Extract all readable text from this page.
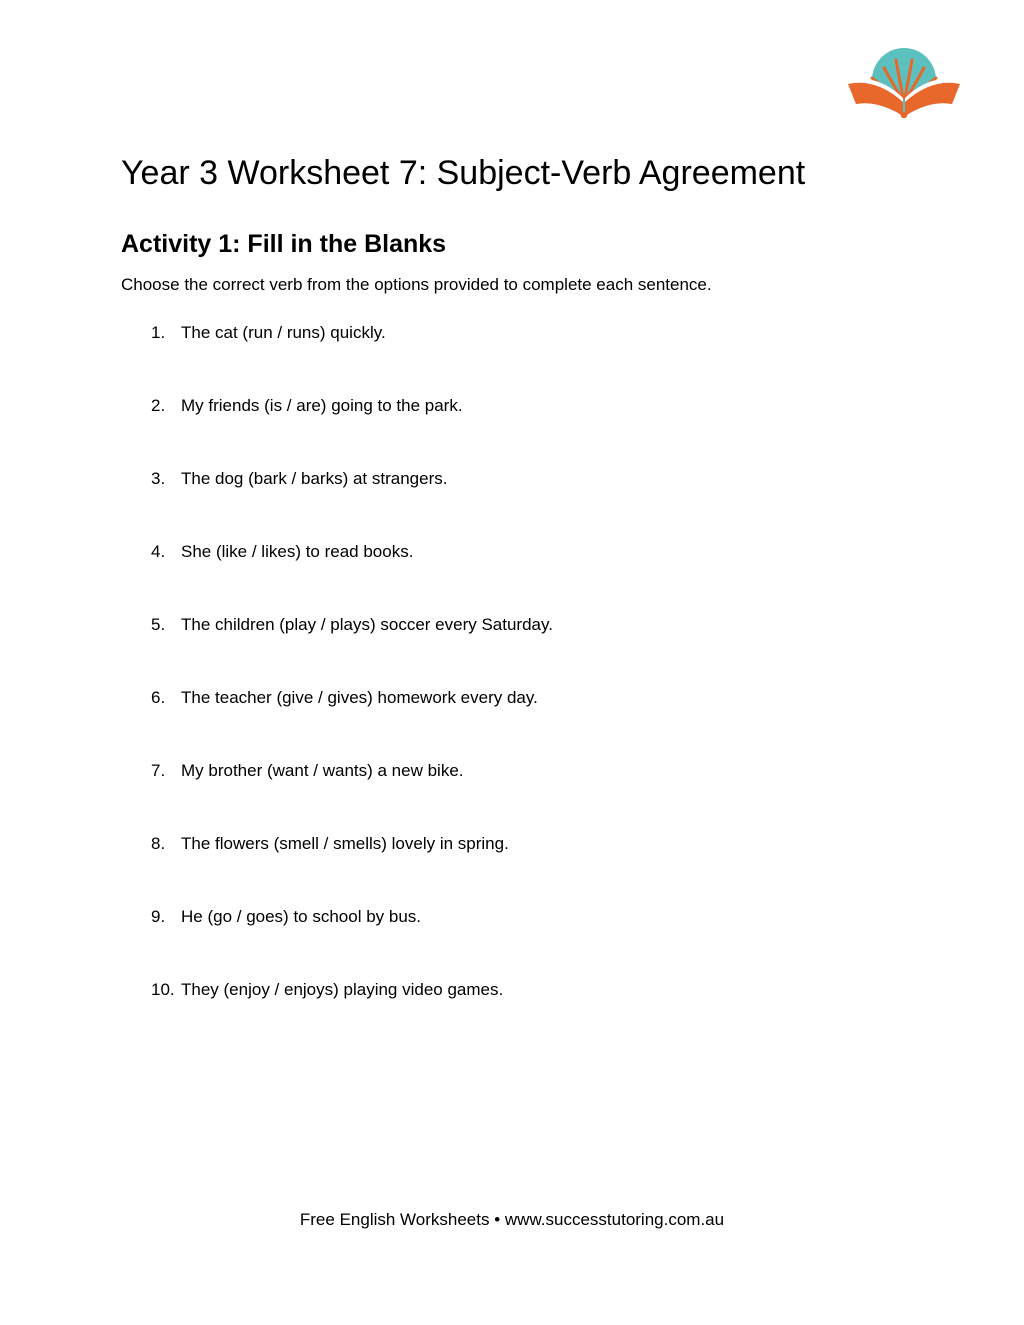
Year 3 Worksheet 7: Subject-Verb Agreement
Activity 1: Fill in the Blanks

Choose the correct verb from the options provided to complete each sentence.

1. The cat (run / runs) quickly.
2. My friends (is / are) going to the park.
3. The dog (bark / barks) at strangers.
4. She (like / likes) to read books.
5. The children (play / plays) soccer every Saturday.
6. The teacher (give / gives) homework every day.
7. My brother (want / wants) a new bike.
8. The flowers (smell / smells) lovely in spring.
9. He (go / goes) to school by bus.
10. They (enjoy / enjoys) playing video games.
Free English Worksheets • www.successtutoring.com.au
